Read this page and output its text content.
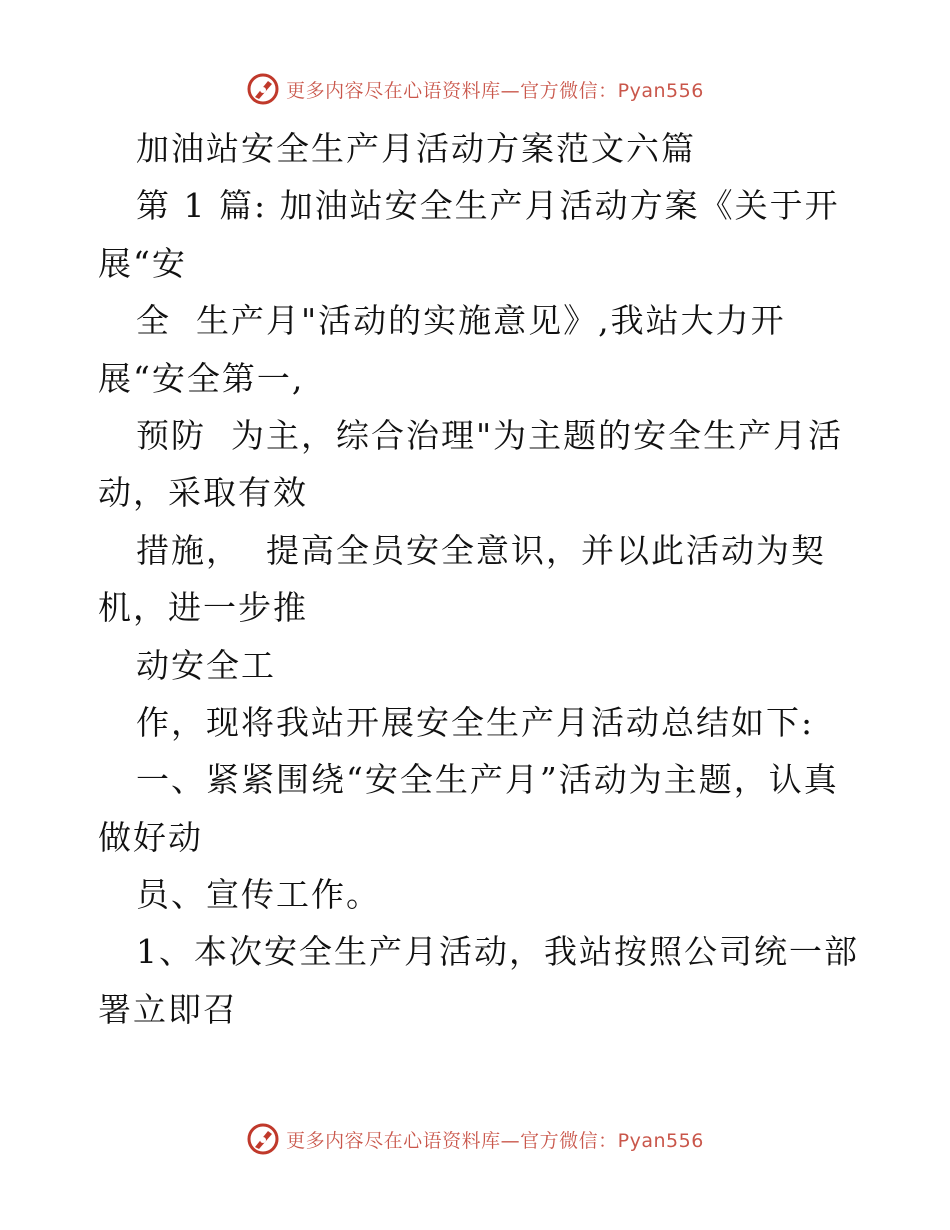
更多内容尽在心语资料库—官方微信：Pyan556
加油站安全生产月活动方案范文六篇
第 1 篇: 加油站安全生产月活动方案《关于开
展“安
全  生产月"活动的实施意见》,我站大力开
展“安全第一,
预防  为主，综合治理"为主题的安全生产月活
动，采取有效
措施，  提高全员安全意识，并以此活动为契
机，进一步推
动安全工
作，现将我站开展安全生产月活动总结如下:
一、紧紧围绕“安全生产月”活动为主题，认真
做好动
员、宣传工作。
1、本次安全生产月活动，我站按照公司统一部
署立即召
更多内容尽在心语资料库—官方微信：Pyan556
